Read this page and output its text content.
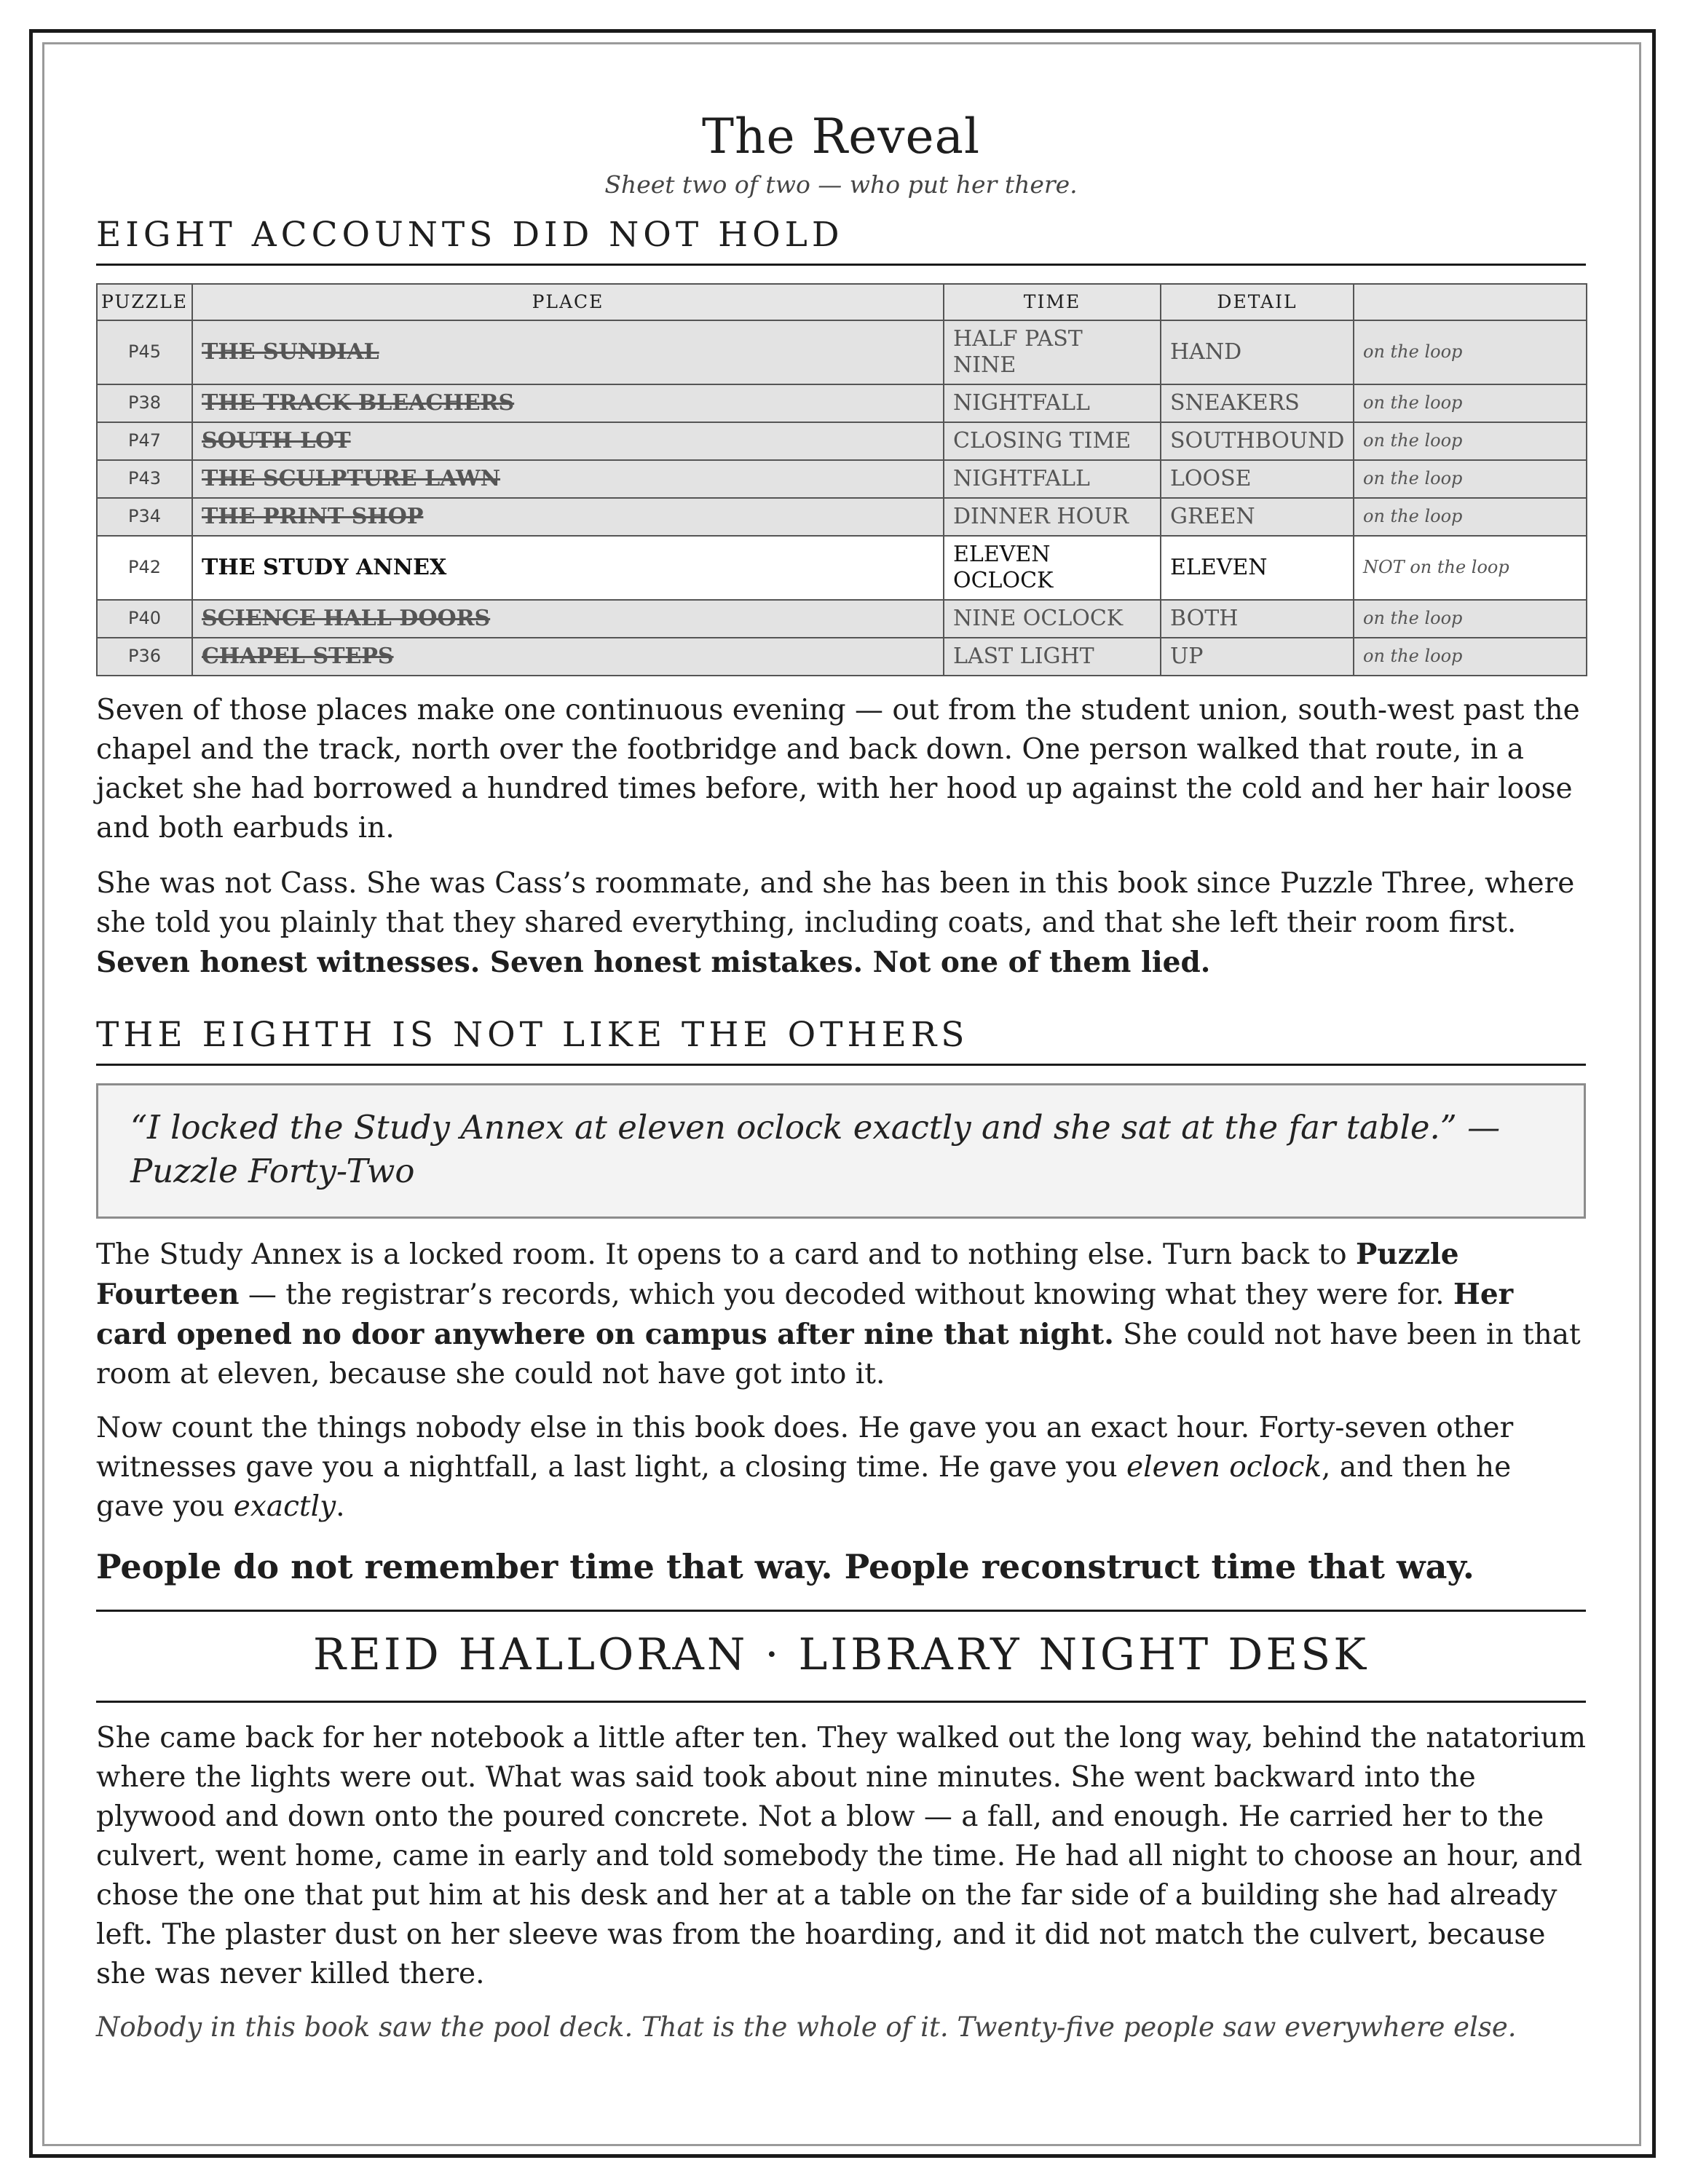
The Reveal

Sheet two of two — who put her there.

EIGHT ACCOUNTS DID NOT HOLD
PUZZLE	PLACE	TIME	DETAIL	
P45	THE SUNDIAL	HALF PAST NINE	HAND	on the loop
P38	THE TRACK BLEACHERS	NIGHTFALL	SNEAKERS	on the loop
P47	SOUTH LOT	CLOSING TIME	SOUTHBOUND	on the loop
P43	THE SCULPTURE LAWN	NIGHTFALL	LOOSE	on the loop
P34	THE PRINT SHOP	DINNER HOUR	GREEN	on the loop
P42	THE STUDY ANNEX	ELEVEN OCLOCK	ELEVEN	NOT on the loop
P40	SCIENCE HALL DOORS	NINE OCLOCK	BOTH	on the loop
P36	CHAPEL STEPS	LAST LIGHT	UP	on the loop

Seven of those places make one continuous evening — out from the student union, south-west past the chapel and the track, north over the footbridge and back down. One person walked that route, in a jacket she had borrowed a hundred times before, with her hood up against the cold and her hair loose and both earbuds in.

She was not Cass. She was Cass’s roommate, and she has been in this book since Puzzle Three, where she told you plainly that they shared everything, including coats, and that she left their room first. Seven honest witnesses. Seven honest mistakes. Not one of them lied.

THE EIGHTH IS NOT LIKE THE OTHERS
“I locked the Study Annex at eleven oclock exactly and she sat at the far table.” — Puzzle Forty-Two

The Study Annex is a locked room. It opens to a card and to nothing else. Turn back to Puzzle Fourteen — the registrar’s records, which you decoded without knowing what they were for. Her card opened no door anywhere on campus after nine that night. She could not have been in that room at eleven, because she could not have got into it.

Now count the things nobody else in this book does. He gave you an exact hour. Forty-seven other witnesses gave you a nightfall, a last light, a closing time. He gave you eleven oclock, and then he gave you exactly.

People do not remember time that way. People reconstruct time that way.

REID HALLORAN · LIBRARY NIGHT DESK

She came back for her notebook a little after ten. They walked out the long way, behind the natatorium where the lights were out. What was said took about nine minutes. She went backward into the plywood and down onto the poured concrete. Not a blow — a fall, and enough. He carried her to the culvert, went home, came in early and told somebody the time. He had all night to choose an hour, and chose the one that put him at his desk and her at a table on the far side of a building she had already left. The plaster dust on her sleeve was from the hoarding, and it did not match the culvert, because she was never killed there.

Nobody in this book saw the pool deck. That is the whole of it. Twenty-five people saw everywhere else.
